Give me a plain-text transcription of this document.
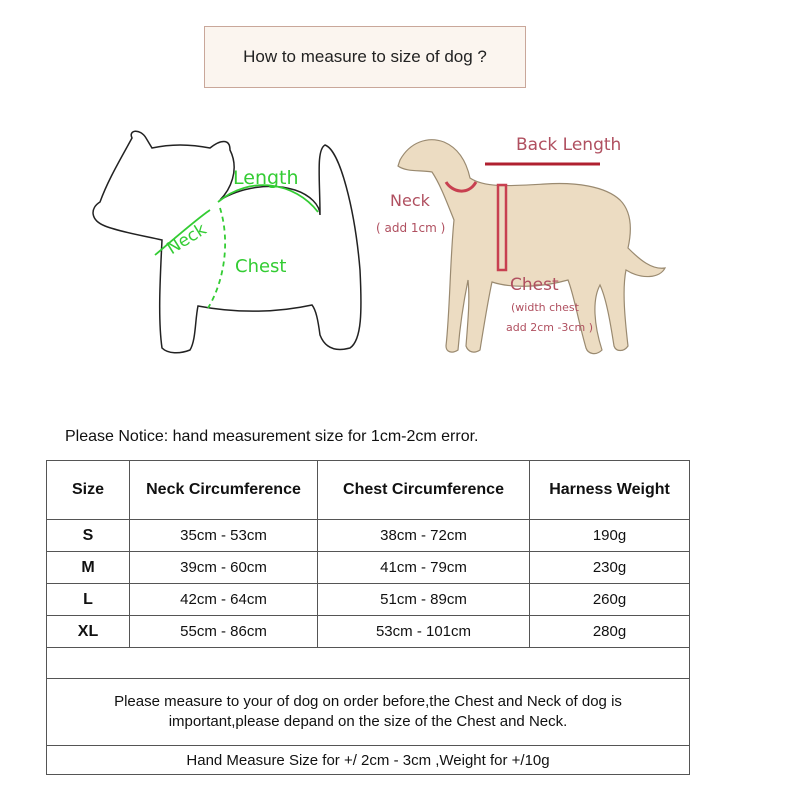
How to measure to size of dog ?
Length
Neck
Chest
Back Length
Neck
( add 1cm )
Chest
(width chest
add 2cm -3cm )
Please Notice: hand measurement size for 1cm-2cm error.
Size	Neck Circumference	Chest Circumference	Harness Weight
S	35cm - 53cm	38cm - 72cm	190g
M	39cm - 60cm	41cm - 79cm	230g
L	42cm - 64cm	51cm - 89cm	260g
XL	55cm - 86cm	53cm - 101cm	280g

Please measure to your of dog on order before,the Chest and Neck of dog is important,please depand on the size of the Chest and Neck.			
Hand Measure Size for +/ 2cm - 3cm ,Weight for +/10g			
